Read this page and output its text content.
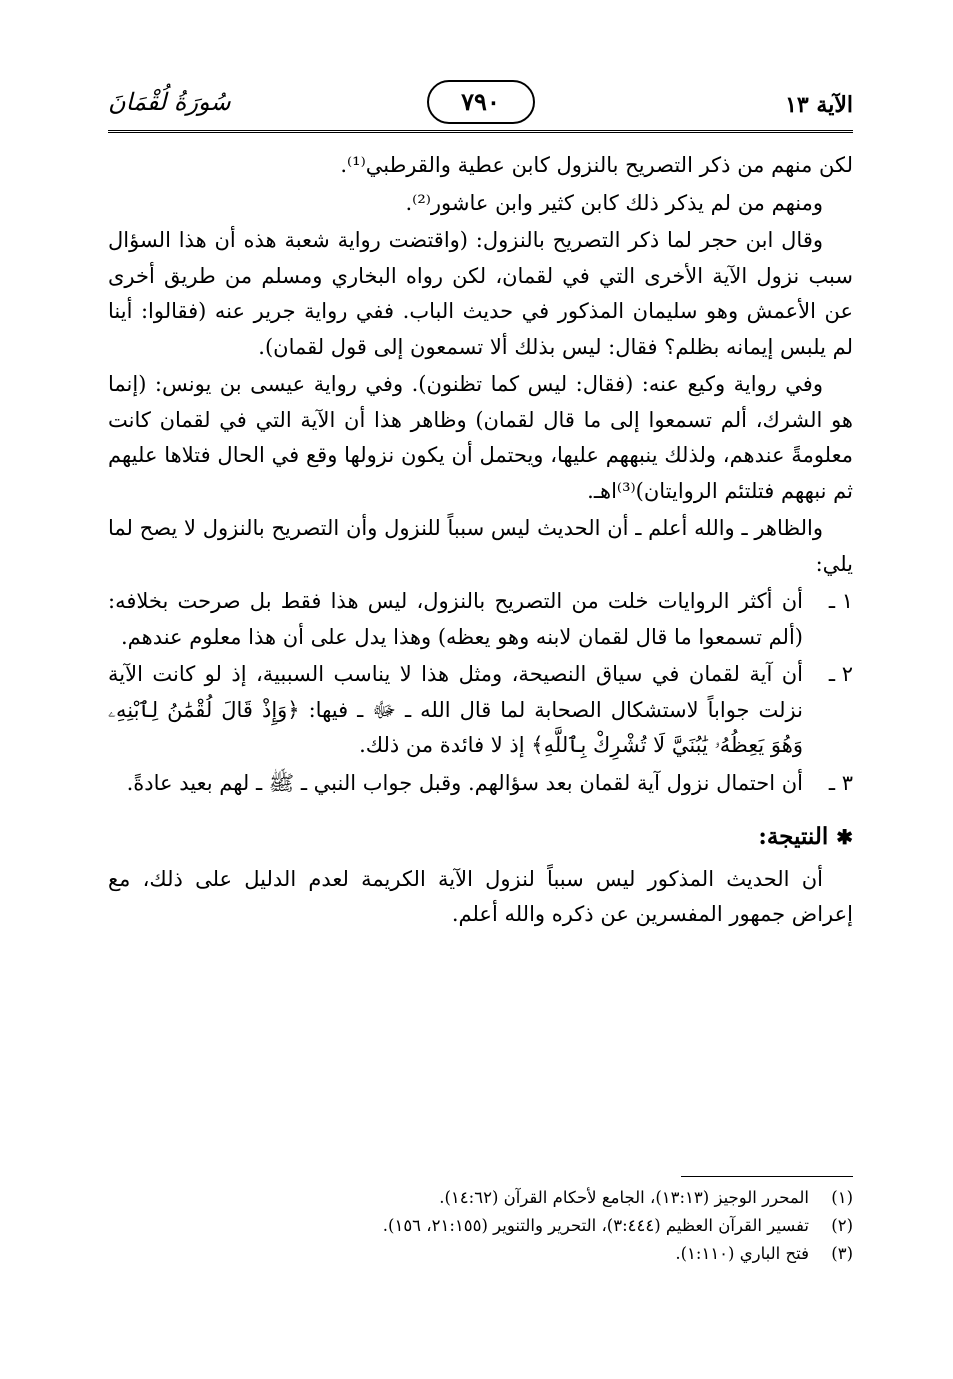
الآية ١٣
٧٩٠
سُورَةُ لُقْمَانَ

لكن منهم من ذكر التصريح بالنزول كابن عطية والقرطبي⁽¹⁾.

ومنهم من لم يذكر ذلك كابن كثير وابن عاشور⁽²⁾.

وقال ابن حجر لما ذكر التصريح بالنزول: (واقتضت رواية شعبة هذه أن هذا السؤال سبب نزول الآية الأخرى التي في لقمان، لكن رواه البخاري ومسلم من طريق أخرى عن الأعمش وهو سليمان المذكور في حديث الباب. ففي رواية جرير عنه (فقالوا: أينا لم يلبس إيمانه بظلم؟ فقال: ليس بذلك ألا تسمعون إلى قول لقمان).

وفي رواية وكيع عنه: (فقال: ليس كما تظنون). وفي رواية عيسى بن يونس: (إنما هو الشرك، ألم تسمعوا إلى ما قال لقمان) وظاهر هذا أن الآية التي في لقمان كانت معلومةً عندهم، ولذلك ينبههم عليها، ويحتمل أن يكون نزولها وقع في الحال فتلاها عليهم ثم نبههم فتلتئم الروايتان)⁽³⁾اهـ.

والظاهر ـ والله أعلم ـ أن الحديث ليس سبباً للنزول وأن التصريح بالنزول لا يصح لما يلي:

١ ـ
أن أكثر الروايات خلت من التصريح بالنزول، ليس هذا فقط بل صرحت بخلافه: (ألم تسمعوا ما قال لقمان لابنه وهو يعظه) وهذا يدل على أن هذا معلوم عندهم.
٢ ـ
أن آية لقمان في سياق النصيحة، ومثل هذا لا يناسب السببية، إذ لو كانت الآية نزلت جواباً لاستشكال الصحابة لما قال الله ـ ﷻ ـ فيها: ﴿وَإِذْ قَالَ لُقْمَٰنُ لِٱبْنِهِۦ وَهُوَ يَعِظُهُۥ يَٰبُنَيَّ لَا تُشْرِكْ بِٱللَّهِ﴾ إذ لا فائدة من ذلك.
٣ ـ
أن احتمال نزول آية لقمان بعد سؤالهم. وقبل جواب النبي ـ ﷺ ـ لهم بعيد عادةً.
✱النتيجة:

أن الحديث المذكور ليس سبباً لنزول الآية الكريمة لعدم الدليل على ذلك، مع إعراض جمهور المفسرين عن ذكره والله أعلم.

(١)
المحرر الوجيز (١٣:١٣)، الجامع لأحكام القرآن (١٤:٦٢).
(٢)
تفسير القرآن العظيم (٣:٤٤٤)، التحرير والتنوير (٢١:١٥٥، ١٥٦).
(٣)
فتح الباري (١:١١٠).
